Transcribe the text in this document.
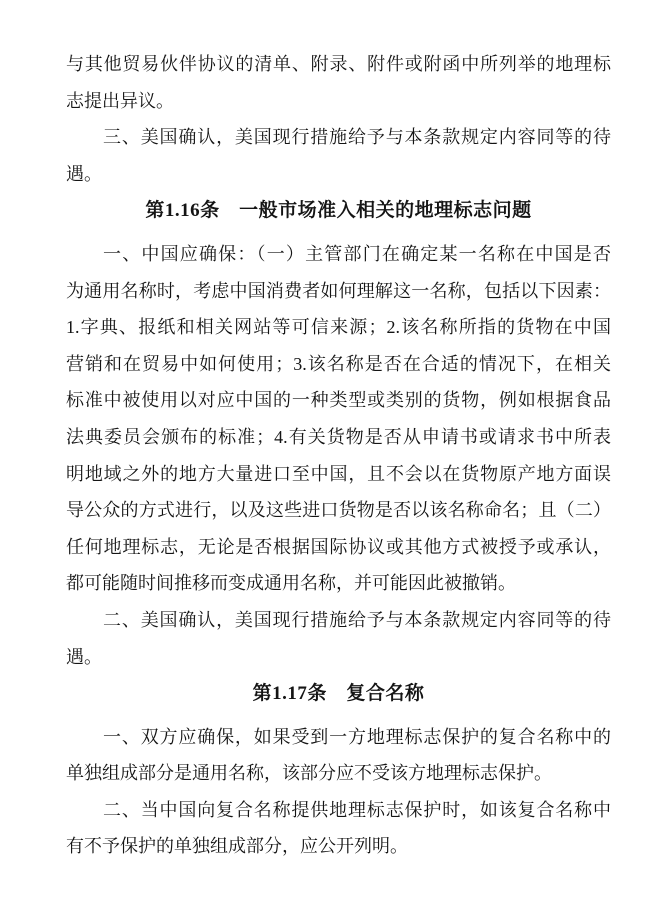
与其他贸易伙伴协议的清单、附录、附件或附函中所列举的地理标
志提出异议。
三、美国确认，美国现行措施给予与本条款规定内容同等的待
遇。
第1.16条　一般市场准入相关的地理标志问题
一、中国应确保：（一）主管部门在确定某一名称在中国是否
为通用名称时，考虑中国消费者如何理解这一名称，包括以下因素：
1.字典、报纸和相关网站等可信来源；2.该名称所指的货物在中国
营销和在贸易中如何使用；3.该名称是否在合适的情况下，在相关
标准中被使用以对应中国的一种类型或类别的货物，例如根据食品
法典委员会颁布的标准；4.有关货物是否从申请书或请求书中所表
明地域之外的地方大量进口至中国，且不会以在货物原产地方面误
导公众的方式进行，以及这些进口货物是否以该名称命名；且（二）
任何地理标志，无论是否根据国际协议或其他方式被授予或承认，
都可能随时间推移而变成通用名称，并可能因此被撤销。
二、美国确认，美国现行措施给予与本条款规定内容同等的待
遇。
第1.17条　复合名称
一、双方应确保，如果受到一方地理标志保护的复合名称中的
单独组成部分是通用名称，该部分应不受该方地理标志保护。
二、当中国向复合名称提供地理标志保护时，如该复合名称中
有不予保护的单独组成部分，应公开列明。
